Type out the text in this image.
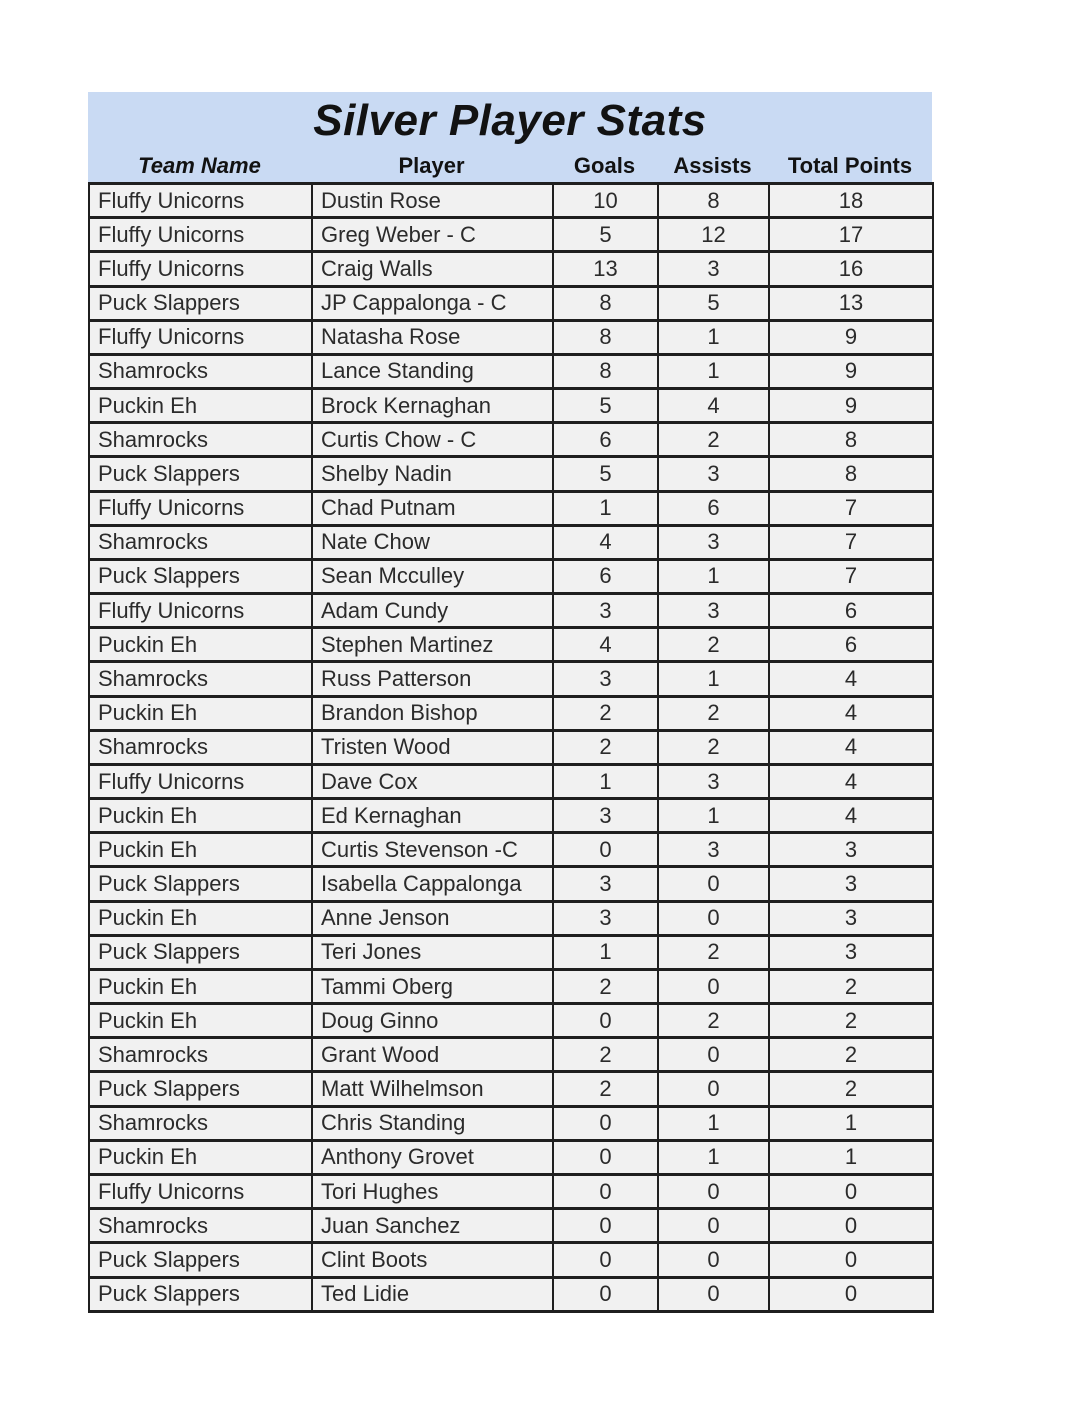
Silver Player Stats
Team Name	Player	Goals	Assists	Total Points
Fluffy Unicorns	Dustin Rose	10	8	18
Fluffy Unicorns	Greg Weber - C	5	12	17
Fluffy Unicorns	Craig Walls	13	3	16
Puck Slappers	JP Cappalonga - C	8	5	13
Fluffy Unicorns	Natasha Rose	8	1	9
Shamrocks	Lance Standing	8	1	9
Puckin Eh	Brock Kernaghan	5	4	9
Shamrocks	Curtis Chow - C	6	2	8
Puck Slappers	Shelby Nadin	5	3	8
Fluffy Unicorns	Chad Putnam	1	6	7
Shamrocks	Nate Chow	4	3	7
Puck Slappers	Sean Mcculley	6	1	7
Fluffy Unicorns	Adam Cundy	3	3	6
Puckin Eh	Stephen Martinez	4	2	6
Shamrocks	Russ Patterson	3	1	4
Puckin Eh	Brandon Bishop	2	2	4
Shamrocks	Tristen Wood	2	2	4
Fluffy Unicorns	Dave Cox	1	3	4
Puckin Eh	Ed Kernaghan	3	1	4
Puckin Eh	Curtis Stevenson -C	0	3	3
Puck Slappers	Isabella Cappalonga	3	0	3
Puckin Eh	Anne Jenson	3	0	3
Puck Slappers	Teri Jones	1	2	3
Puckin Eh	Tammi Oberg	2	0	2
Puckin Eh	Doug Ginno	0	2	2
Shamrocks	Grant Wood	2	0	2
Puck Slappers	Matt Wilhelmson	2	0	2
Shamrocks	Chris Standing	0	1	1
Puckin Eh	Anthony Grovet	0	1	1
Fluffy Unicorns	Tori Hughes	0	0	0
Shamrocks	Juan Sanchez	0	0	0
Puck Slappers	Clint Boots	0	0	0
Puck Slappers	Ted Lidie	0	0	0
